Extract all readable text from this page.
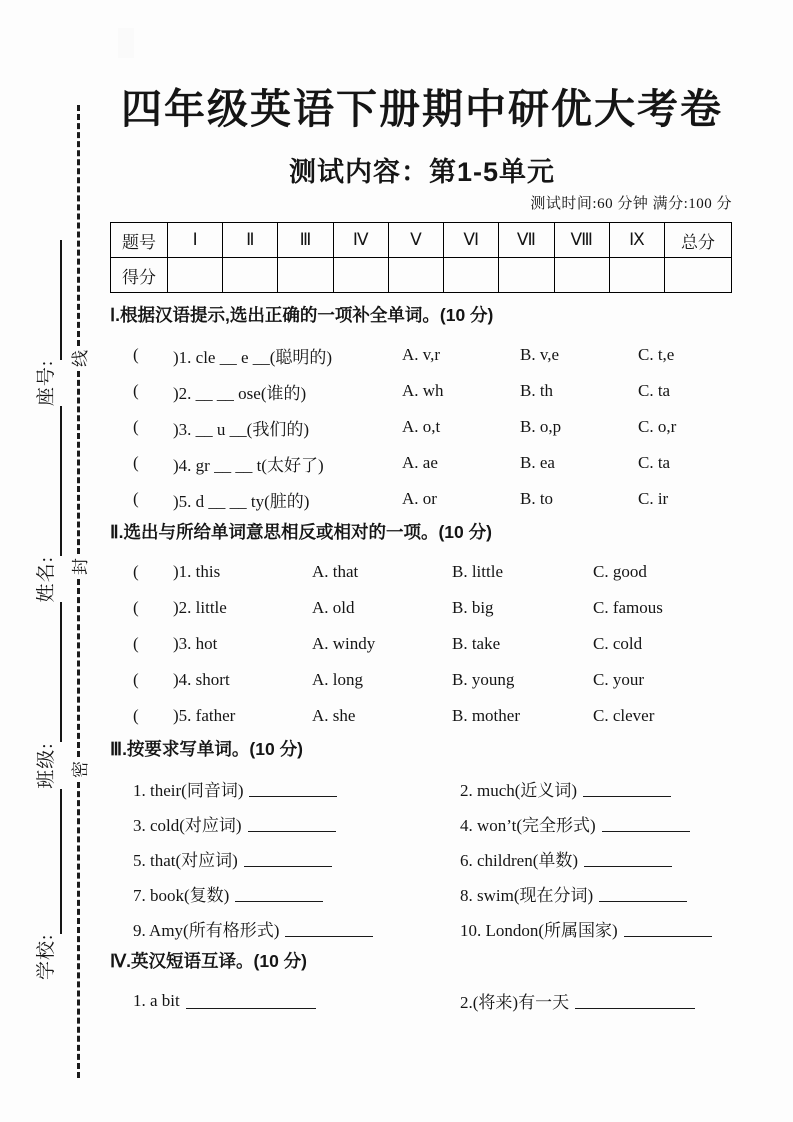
学校:
班级:
姓名:
座号:
密
封
线
四年级英语下册期中研优大考卷
测试内容：第1-5单元
测试时间:60 分钟 满分:100 分
题号	Ⅰ	Ⅱ	Ⅲ	Ⅳ	Ⅴ	Ⅵ	Ⅶ	Ⅷ	Ⅸ	总分
得分										
Ⅰ.根据汉语提示,选出正确的一项补全单词。(10 分)
(	)1. cle __ e __(聪明的)	A. v,r	B. v,e	C. t,e
(	)2. __ __ ose(谁的)	A. wh	B. th	C. ta
(	)3. __ u __(我们的)	A. o,t	B. o,p	C. o,r
(	)4. gr __ __ t(太好了)	A. ae	B. ea	C. ta
(	)5. d __ __ ty(脏的)	A. or	B. to	C. ir
Ⅱ.选出与所给单词意思相反或相对的一项。(10 分)
(	)1. this	A. that	B. little	C. good
(	)2. little	A. old	B. big	C. famous
(	)3. hot	A. windy	B. take	C. cold
(	)4. short	A. long	B. young	C. your
(	)5. father	A. she	B. mother	C. clever
Ⅲ.按要求写单词。(10 分)
1. their(同音词)	2. much(近义词)
3. cold(对应词)	4. won’t(完全形式)
5. that(对应词)	6. children(单数)
7. book(复数)	8. swim(现在分词)
9. Amy(所有格形式)	10. London(所属国家)
Ⅳ.英汉短语互译。(10 分)
1. a bit	2.(将来)有一天
